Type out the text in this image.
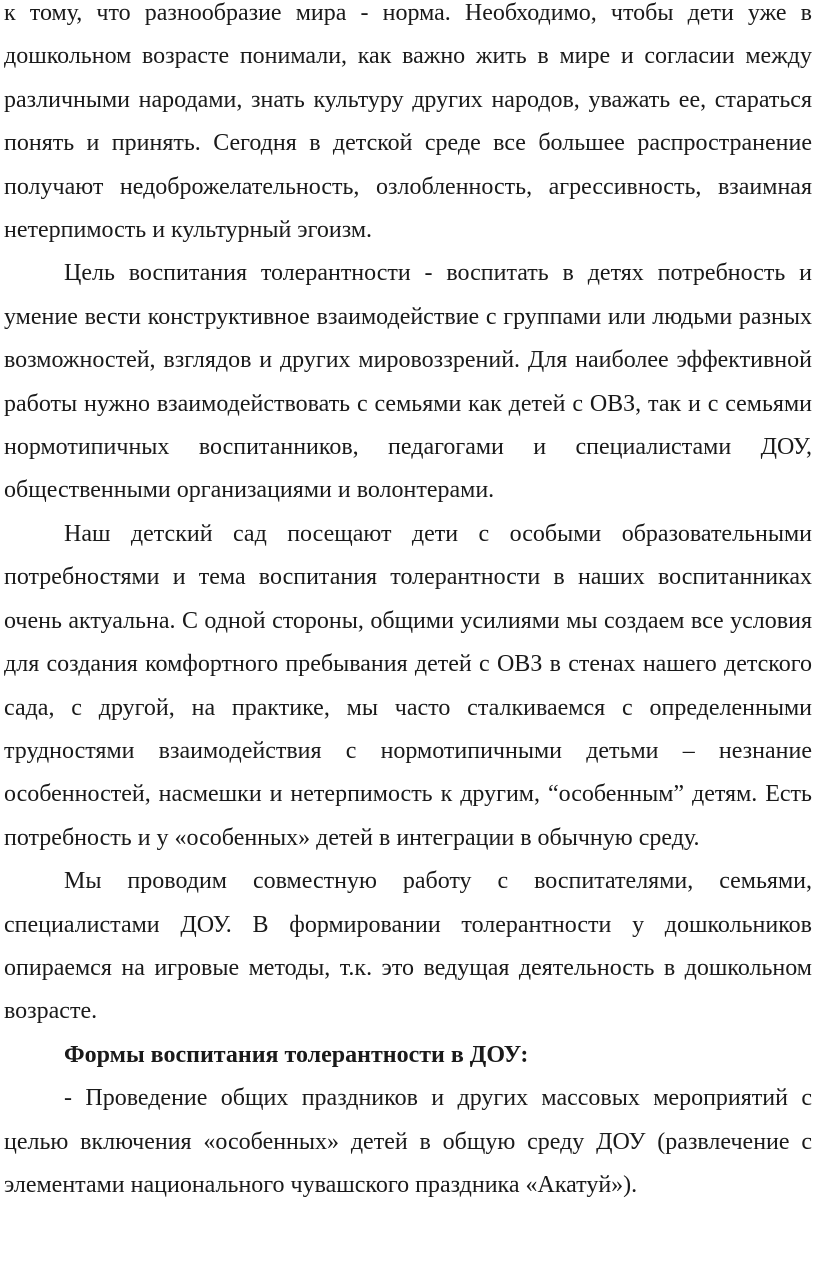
к тому, что разнообразие мира - норма. Необходимо, чтобы дети уже в дошкольном возрасте понимали, как важно жить в мире и согласии между различными народами, знать культуру других народов, уважать ее, стараться понять и принять. Сегодня в детской среде все большее распространение получают недоброжелательность, озлобленность, агрессивность, взаимная нетерпимость и культурный эгоизм.

Цель воспитания толерантности - воспитать в детях потребность и умение вести конструктивное взаимодействие с группами или людьми разных возможностей, взглядов и других мировоззрений. Для наиболее эффективной работы нужно взаимодействовать с семьями как детей с ОВЗ, так и с семьями нормотипичных воспитанников, педагогами и специалистами ДОУ, общественными организациями и волонтерами.

Наш детский сад посещают дети с особыми образовательными потребностями и тема воспитания толерантности в наших воспитанниках очень актуальна. С одной стороны, общими усилиями мы создаем все условия для создания комфортного пребывания детей с ОВЗ в стенах нашего детского сада, с другой, на практике, мы часто сталкиваемся с определенными трудностями взаимодействия с нормотипичными детьми – незнание особенностей, насмешки и нетерпимость к другим, “особенным” детям. Есть потребность и у «особенных» детей в интеграции в обычную среду.

Мы проводим совместную работу с воспитателями, семьями, специалистами ДОУ. В формировании толерантности у дошкольников опираемся на игровые методы, т.к. это ведущая деятельность в дошкольном возрасте.

Формы воспитания толерантности в ДОУ:

- Проведение общих праздников и других массовых мероприятий с целью включения «особенных» детей в общую среду ДОУ (развлечение с элементами национального чувашского праздника «Акатуй»).
